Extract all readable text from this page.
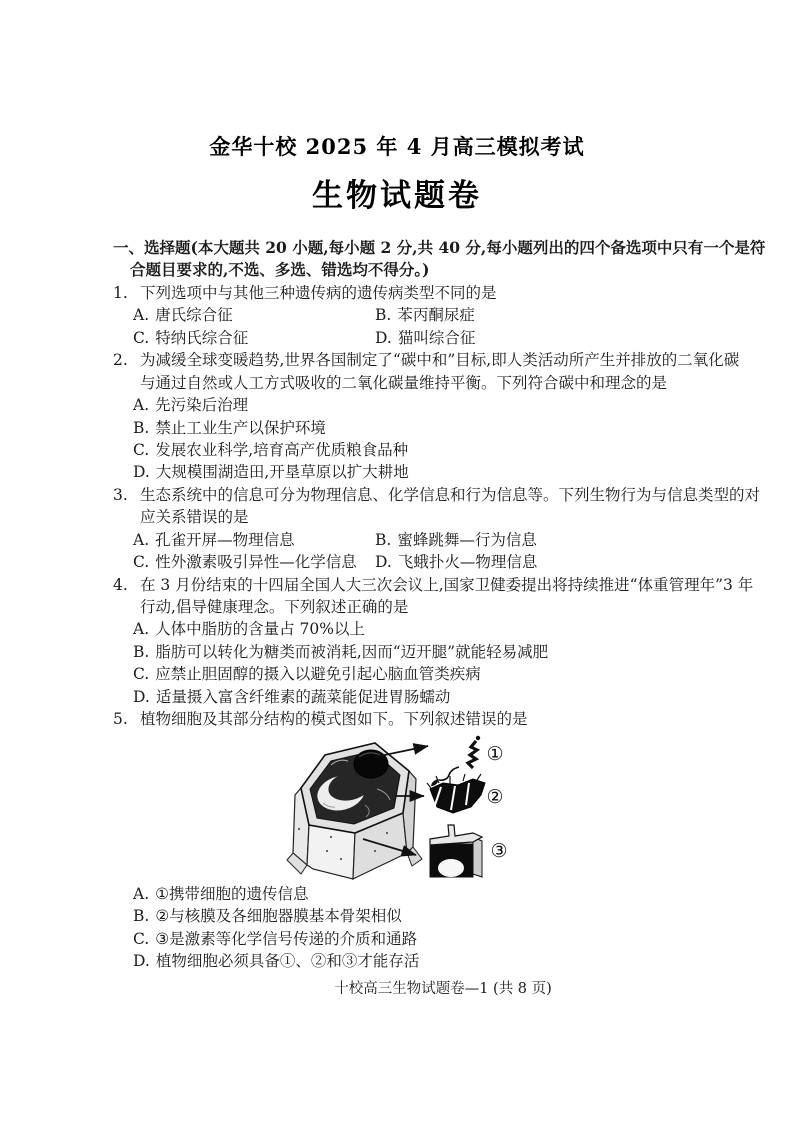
金华十校 2025 年 4 月高三模拟考试
生物试题卷
一、选择题(本大题共 20 小题,每小题 2 分,共 40 分,每小题列出的四个备选项中只有一个是符
合题目要求的,不选、多选、错选均不得分。)
1. 下列选项中与其他三种遗传病的遗传病类型不同的是
A. 唐氏综合征	B. 苯丙酮尿症
C. 特纳氏综合征	D. 猫叫综合征
2. 为减缓全球变暖趋势,世界各国制定了“碳中和”目标,即人类活动所产生并排放的二氧化碳
与通过自然或人工方式吸收的二氧化碳量维持平衡。下列符合碳中和理念的是
A. 先污染后治理
B. 禁止工业生产以保护环境
C. 发展农业科学,培育高产优质粮食品种
D. 大规模围湖造田,开垦草原以扩大耕地
3. 生态系统中的信息可分为物理信息、化学信息和行为信息等。下列生物行为与信息类型的对
应关系错误的是
A. 孔雀开屏—物理信息	B. 蜜蜂跳舞—行为信息
C. 性外激素吸引异性—化学信息	D. 飞蛾扑火—物理信息
4. 在 3 月份结束的十四届全国人大三次会议上,国家卫健委提出将持续推进“体重管理年”3 年
行动,倡导健康理念。下列叙述正确的是
A. 人体中脂肪的含量占 70%以上
B. 脂肪可以转化为糖类而被消耗,因而“迈开腿”就能轻易减肥
C. 应禁止胆固醇的摄入以避免引起心脑血管类疾病
D. 适量摄入富含纤维素的蔬菜能促进胃肠蠕动
5. 植物细胞及其部分结构的模式图如下。下列叙述错误的是
①
②
③
A. ①携带细胞的遗传信息
B. ②与核膜及各细胞器膜基本骨架相似
C. ③是激素等化学信号传递的介质和通路
D. 植物细胞必须具备①、②和③才能存活
十校高三生物试题卷—1 (共 8 页)
